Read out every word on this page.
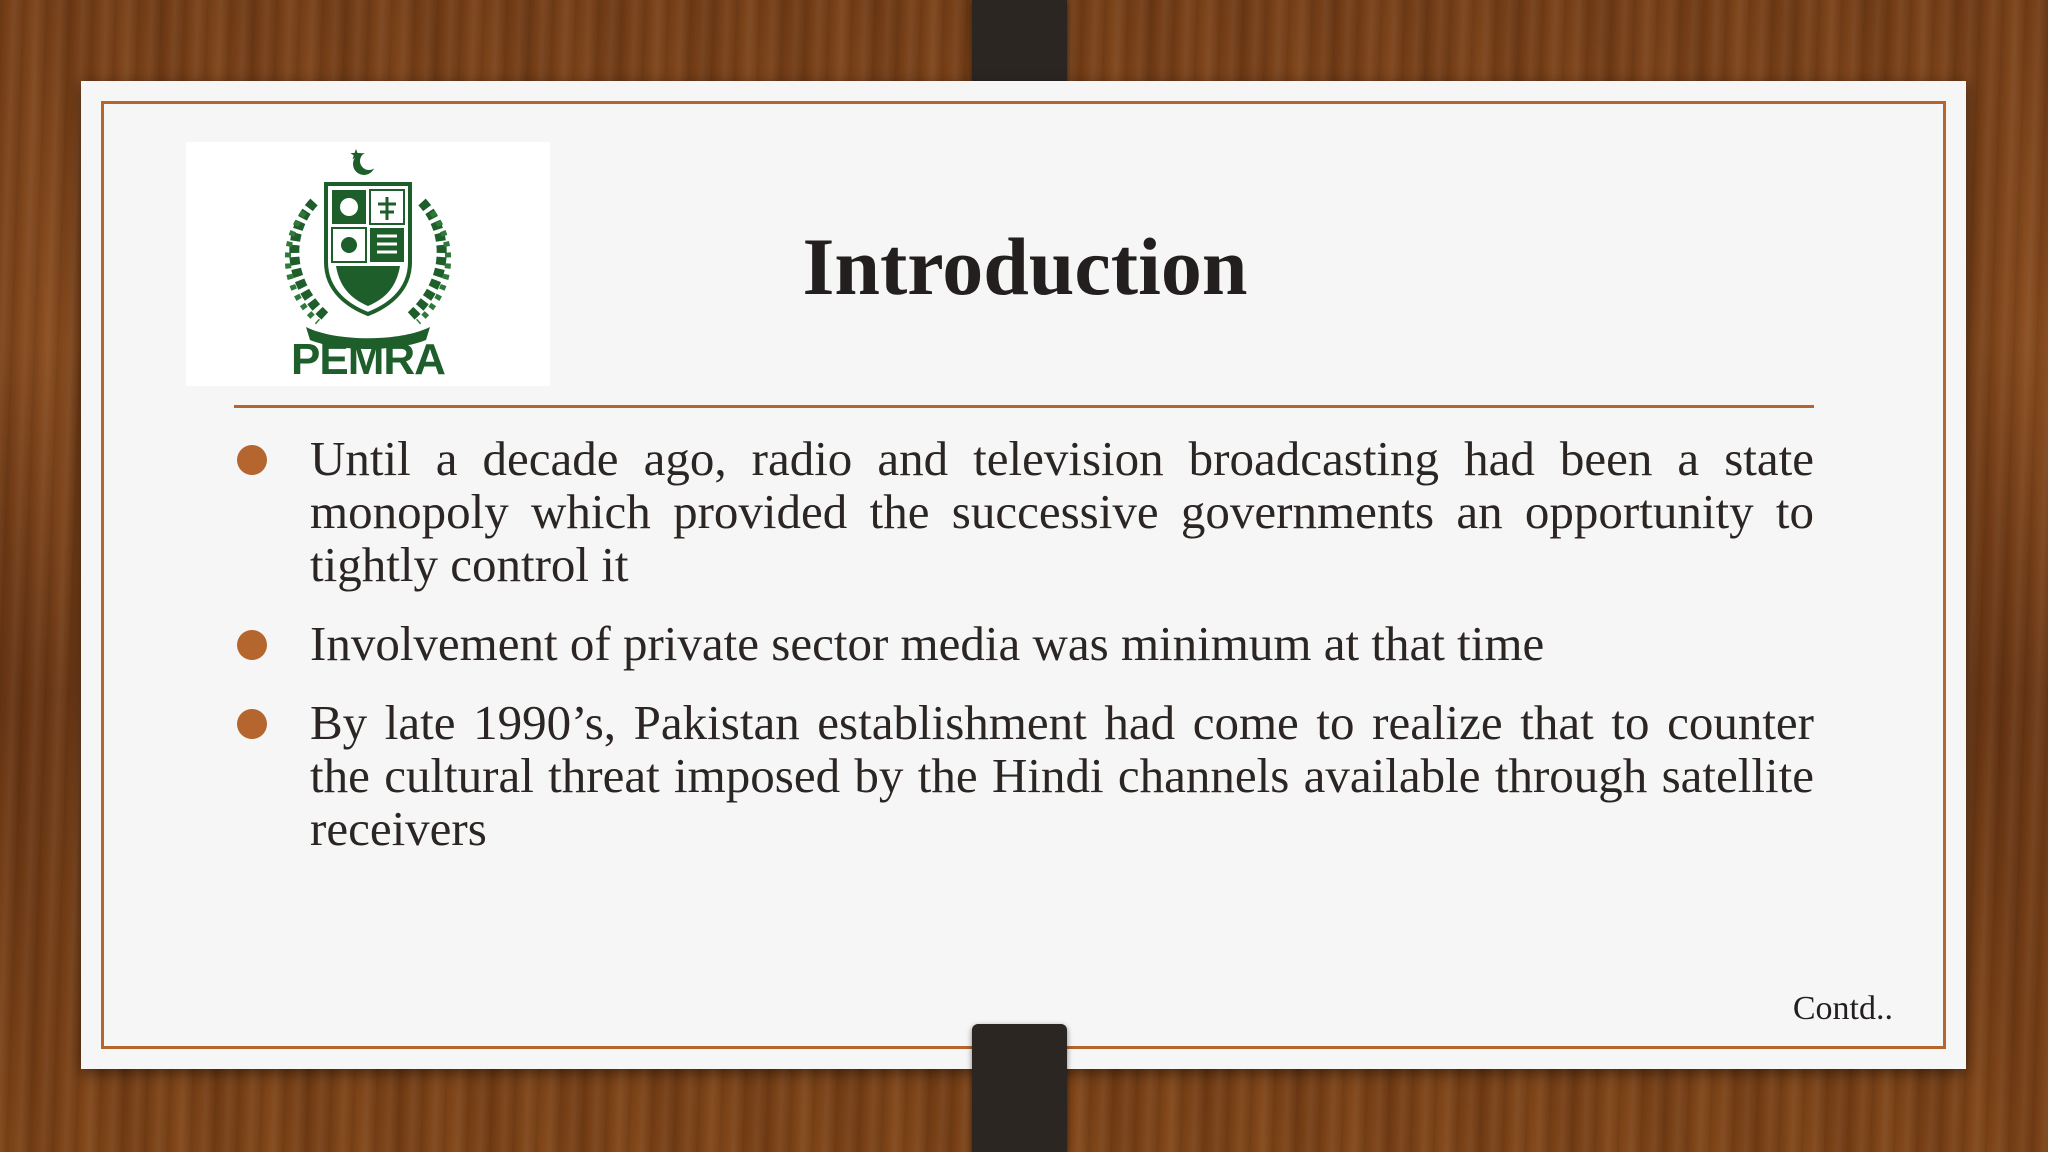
PEMRA
Introduction
Until a decade ago, radio and television broadcasting had been a state monopoly which provided the successive governments an opportunity to tightly control it
Involvement of private sector media was minimum at that time
By late 1990’s, Pakistan establishment had come to realize that to counter the cultural threat imposed by the Hindi channels available through satellite receivers
Contd..
